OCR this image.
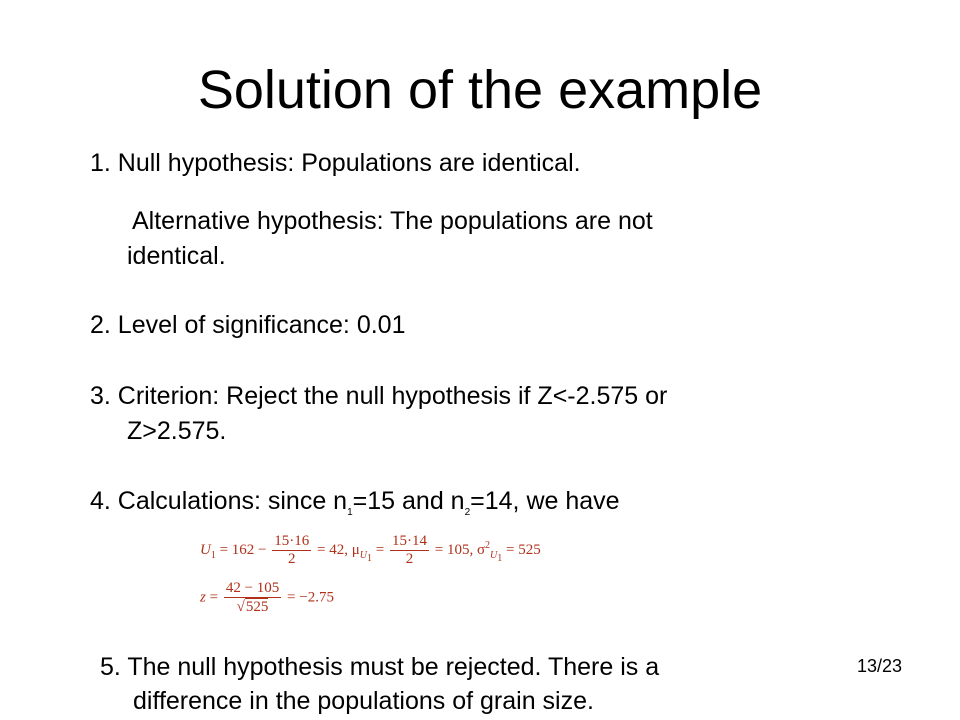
Solution of the example
1. Null hypothesis: Populations are identical.
Alternative hypothesis: The populations are not
identical.
2. Level of significance: 0.01
3. Criterion: Reject the null hypothesis if Z<-2.575 or
Z>2.575.
4. Calculations: since $n_1=15$ and $n_2=14$, we have
$U_1 = 162 - \frac{15\cdot 16}{2} = 42$, $\mu_{U_1} = \frac{15\cdot 14}{2} = 105$, $\sigma^2_{U_1} = 525$
$z = \frac{42 - 105}{√525} = -2.75$
5. The null hypothesis must be rejected. There is a
difference in the populations of grain size.
13/23
